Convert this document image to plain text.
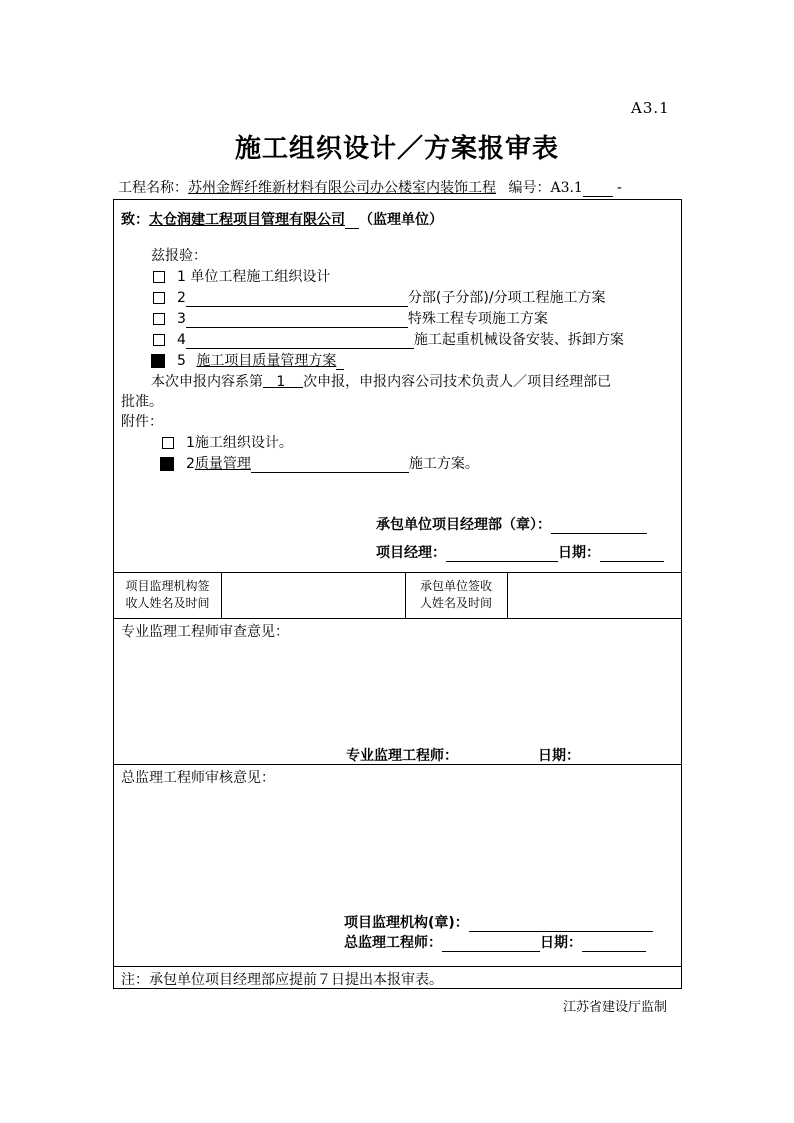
A3.1
施工组织设计／方案报审表
工程名称：苏州金辉纤维新材料有限公司办公楼室内装饰工程 编号：A3.1 -
致：太仓润建工程项目管理有限公司 （监理单位）
兹报验：
1 单位工程施工组织设计
2	分部(子分部)/分项工程施工方案
3	特殊工程专项施工方案
4	施工起重机械设备安装、拆卸方案
5 施工项目质量管理方案
本次申报内容系第 1 次申报，申报内容公司技术负责人／项目经理部已
批准。
附件：
1施工组织设计。
2质量管理	施工方案。
承包单位项目经理部（章）：
项目经理：	日期：
项目监理机构签
收人姓名及时间
承包单位签收
人姓名及时间
专业监理工程师审查意见：
专业监理工程师：	日期：
总监理工程师审核意见：
项目监理机构(章)：
总监理工程师：	日期：
注：承包单位项目经理部应提前７日提出本报审表。
江苏省建设厅监制
